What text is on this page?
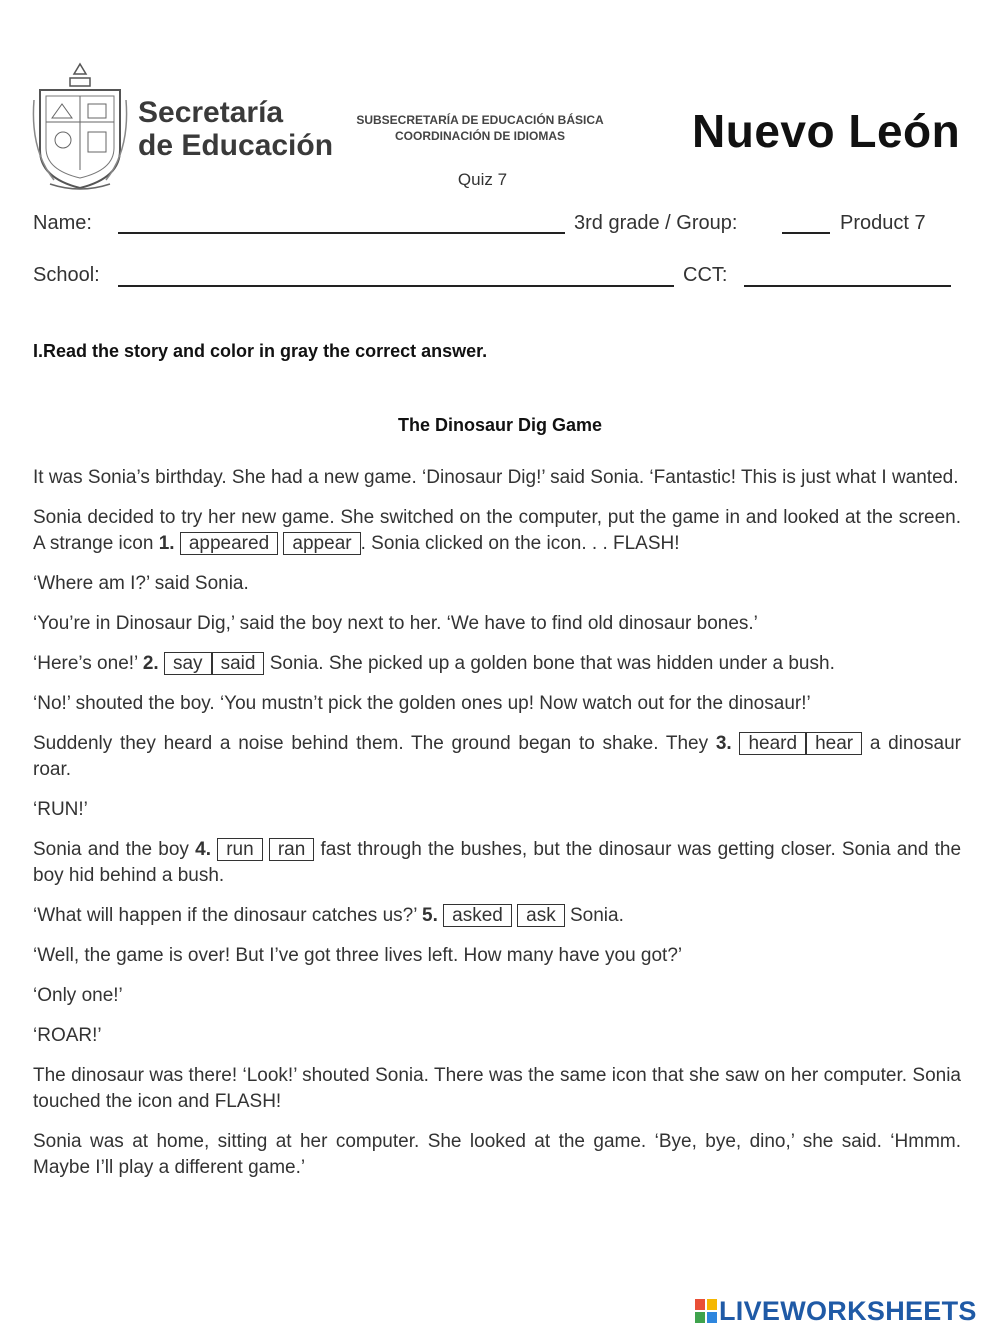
Secretaría
de Educación
SUBSECRETARÍA DE EDUCACIÓN BÁSICA
COORDINACIÓN DE IDIOMAS	Nuevo León
Quiz 7
Name:	3rd grade / Group:	Product 7
School:	CCT:
I.Read the story and color in gray the correct answer.
The Dinosaur Dig Game

It was Sonia’s birthday. She had a new game. ‘Dinosaur Dig!’ said Sonia. ‘Fantastic! This is just what I wanted.

Sonia decided to try her new game. She switched on the computer, put the game in and looked at the screen. A strange icon 1. appeared appear . Sonia clicked on the icon. . . FLASH!

‘Where am I?’ said Sonia.

‘You’re in Dinosaur Dig,’ said the boy next to her. ‘We have to find old dinosaur bones.’

‘Here’s one!’ 2. say said Sonia. She picked up a golden bone that was hidden under a bush.

‘No!’ shouted the boy. ‘You mustn’t pick the golden ones up! Now watch out for the dinosaur!’

Suddenly they heard a noise behind them. The ground began to shake. They 3. heard hear a dinosaur roar.

‘RUN!’

Sonia and the boy 4. run ran fast through the bushes, but the dinosaur was getting closer. Sonia and the boy hid behind a bush.

‘What will happen if the dinosaur catches us?’ 5. asked ask Sonia.

‘Well, the game is over! But I’ve got three lives left. How many have you got?’

‘Only one!’

‘ROAR!’

The dinosaur was there! ‘Look!’ shouted Sonia. There was the same icon that she saw on her computer. Sonia touched the icon and FLASH!

Sonia was at home, sitting at her computer. She looked at the game. ‘Bye, bye, dino,’ she said. ‘Hmmm. Maybe I’ll play a different game.’

LIVEWORKSHEETS
